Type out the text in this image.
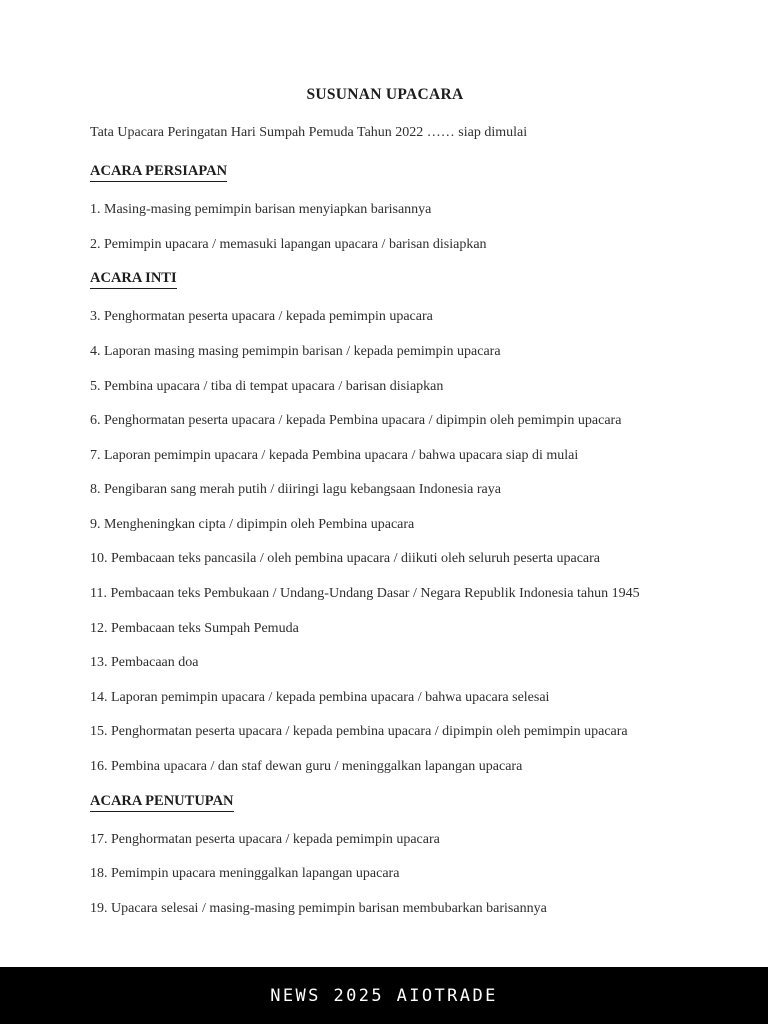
SUSUNAN UPACARA
Tata Upacara Peringatan Hari Sumpah Pemuda Tahun 2022 …… siap dimulai
ACARA PERSIAPAN
1. Masing-masing pemimpin barisan menyiapkan barisannya
2. Pemimpin upacara / memasuki lapangan upacara / barisan disiapkan
ACARA INTI
3. Penghormatan peserta upacara / kepada pemimpin upacara
4. Laporan masing masing pemimpin barisan / kepada pemimpin upacara
5. Pembina upacara / tiba di tempat upacara / barisan disiapkan
6. Penghormatan peserta upacara / kepada Pembina upacara / dipimpin oleh pemimpin upacara
7. Laporan pemimpin upacara / kepada Pembina upacara / bahwa upacara siap di mulai
8. Pengibaran sang merah putih / diiringi lagu kebangsaan Indonesia raya
9. Mengheningkan cipta / dipimpin oleh Pembina upacara
10. Pembacaan teks pancasila / oleh pembina upacara / diikuti oleh seluruh peserta upacara
11. Pembacaan teks Pembukaan / Undang-Undang Dasar / Negara Republik Indonesia tahun 1945
12. Pembacaan teks Sumpah Pemuda
13. Pembacaan doa
14. Laporan pemimpin upacara / kepada pembina upacara / bahwa upacara selesai
15. Penghormatan peserta upacara / kepada pembina upacara / dipimpin oleh pemimpin upacara
16. Pembina upacara / dan staf dewan guru / meninggalkan lapangan upacara
ACARA PENUTUPAN
17. Penghormatan peserta upacara / kepada pemimpin upacara
18. Pemimpin upacara meninggalkan lapangan upacara
19. Upacara selesai / masing-masing pemimpin barisan membubarkan barisannya
NEWS 2025 AIOTRADE
